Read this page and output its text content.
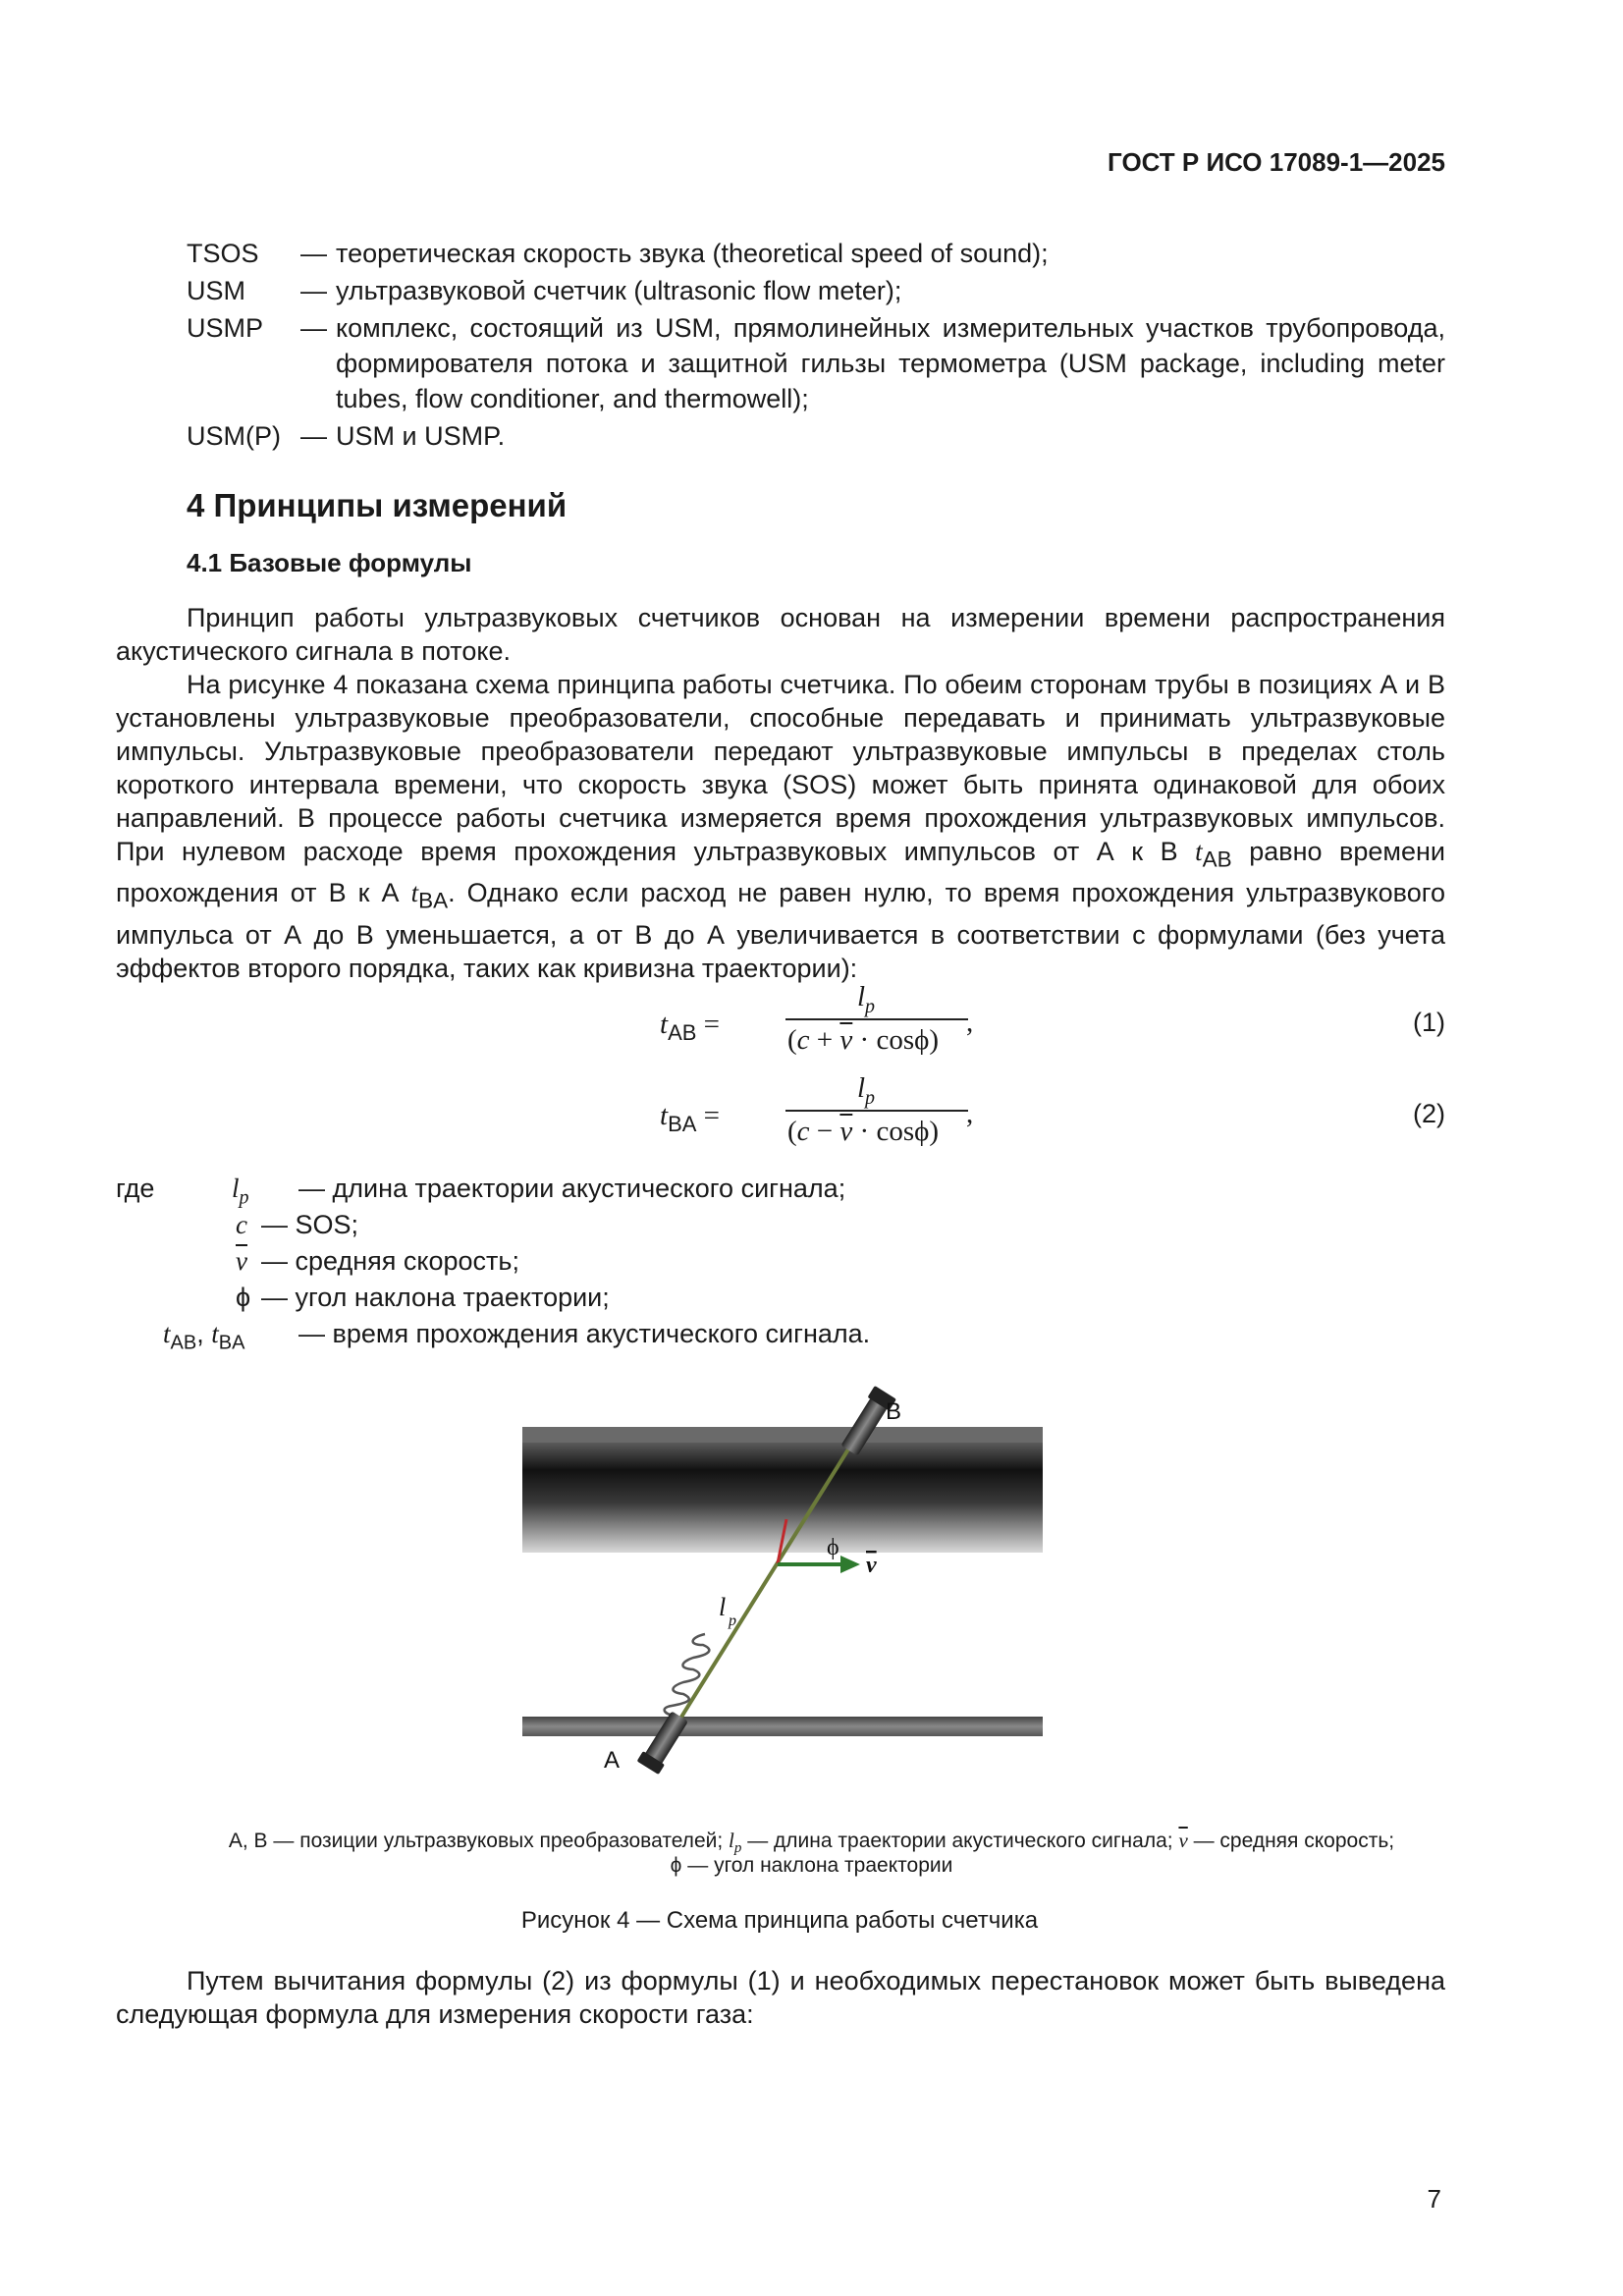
ГОСТ Р ИСО 17089-1—2025
TSOS — теоретическая скорость звука (theoretical speed of sound);
USM — ультразвуковой счетчик (ultrasonic flow meter);
USMP — комплекс, состоящий из USM, прямолинейных измерительных участков трубопровода, формирователя потока и защитной гильзы термометра (USM package, including meter tubes, flow conditioner, and thermowell);
USM(P) — USM и USMP.
4 Принципы измерений
4.1 Базовые формулы

Принцип работы ультразвуковых счетчиков основан на измерении времени распространения акустического сигнала в потоке.

На рисунке 4 показана схема принципа работы счетчика. По обеим сторонам трубы в позициях А и В установлены ультразвуковые преобразователи, способные передавать и принимать ультразвуковые импульсы. Ультразвуковые преобразователи передают ультразвуковые импульсы в пределах столь короткого интервала времени, что скорость звука (SOS) может быть принята одинаковой для обоих направлений. В процессе работы счетчика измеряется время прохождения ультразвуковых импульсов. При нулевом расходе время прохождения ультразвуковых импульсов от А к В $t_{AB}$ равно времени прохождения от В к А $t_{BA}$. Однако если расход не равен нулю, то время прохождения ультразвукового импульса от А до В уменьшается, а от В до А увеличивается в соответствии с формулами (без учета эффектов второго порядка, таких как кривизна траектории):

$t_{AB}$ =
$l_p$
$(c + \overline{v} \cdot \cos\phi)$
,	(1)
$t_{BA}$ =
$l_p$
$(c - \overline{v} \cdot \cos\phi)$
,	(2)
где	$l_p$	— длина траектории акустического сигнала;
c — SOS;
$\overline{v}$ — средняя скорость;
ϕ — угол наклона траектории;
$t_{AB}$, $t_{BA}$ — время прохождения акустического сигнала.
B
A
ϕ
v
l p
А, В — позиции ультразвуковых преобразователей; $l_p$ — длина траектории акустического сигнала; $\overline{v}$ — средняя скорость;
ϕ — угол наклона траектории
Рисунок 4 — Схема принципа работы счетчика

Путем вычитания формулы (2) из формулы (1) и необходимых перестановок может быть выведена следующая формула для измерения скорости газа:

7
